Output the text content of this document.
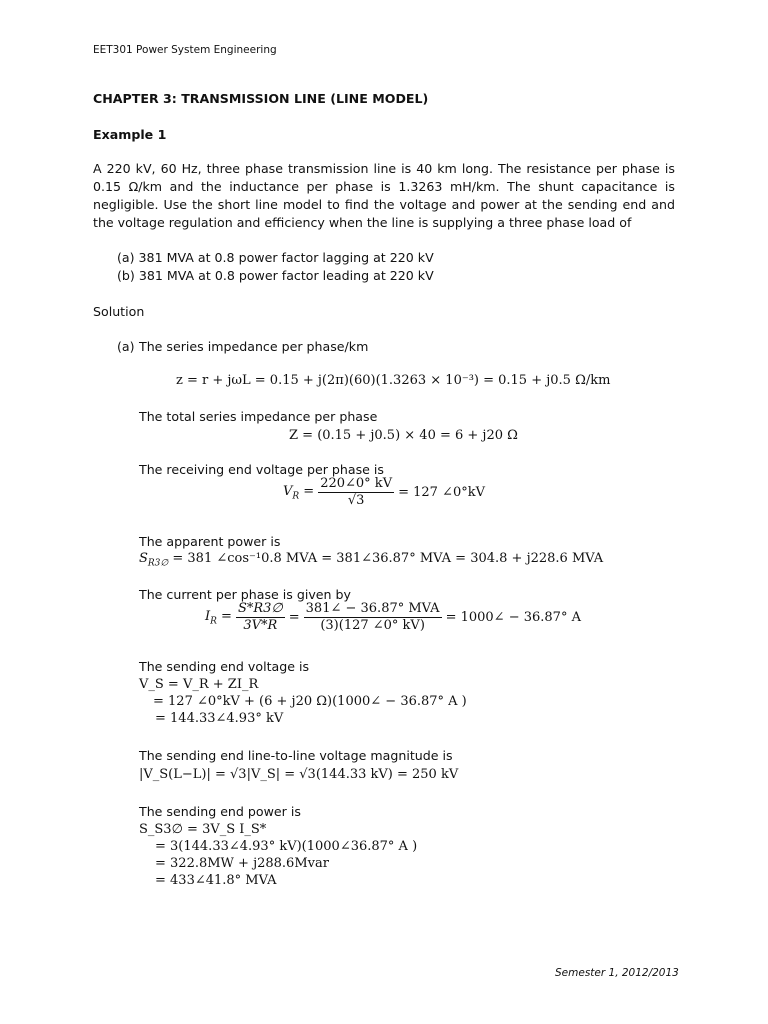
EET301 Power System Engineering
CHAPTER 3: TRANSMISSION LINE (LINE MODEL)
Example 1
A 220 kV, 60 Hz, three phase transmission line is 40 km long. The resistance per phase is 0.15 Ω/km and the inductance per phase is 1.3263 mH/km. The shunt capacitance is negligible. Use the short line model to find the voltage and power at the sending end and the voltage regulation and efficiency when the line is supplying a three phase load of
(a) 381 MVA at 0.8 power factor lagging at 220 kV
(b) 381 MVA at 0.8 power factor leading at 220 kV
Solution
(a) The series impedance per phase/km
z = r + jωL = 0.15 + j(2π)(60)(1.3263 × 10⁻³) = 0.15 + j0.5 Ω/km
The total series impedance per phase
Z = (0.15 + j0.5) × 40 = 6 + j20 Ω
The receiving end voltage per phase is
$V_R = \frac{220\angle 0^\circ kV}{√3} = 127$ ∠0°kV
The apparent power is
$S_{R3\emptyset} = 381$ ∠cos⁻¹0.8 MVA = 381∠36.87° MVA = 304.8 + j228.6 MVA
The current per phase is given by
$I_R = \frac{S*R3\emptyset}{3V*R} = \frac{\text{381∠ − 36.87° MVA}}{(3)(127 \angle 0^\circ kV)}$ = 1000∠ − 36.87° A
The sending end voltage is
V_S = V_R + ZI_R
= 127 ∠0°kV + (6 + j20 Ω)(1000∠ − 36.87° A )
= 144.33∠4.93° kV
The sending end line-to-line voltage magnitude is
|V_S(L−L)| = √3|V_S| = √3(144.33 kV) = 250 kV
The sending end power is
S_S3∅ = 3V_S I_S*
= 3(144.33∠4.93° kV)(1000∠36.87° A )
= 322.8MW + j288.6Mvar
= 433∠41.8° MVA
Semester 1, 2012/2013
